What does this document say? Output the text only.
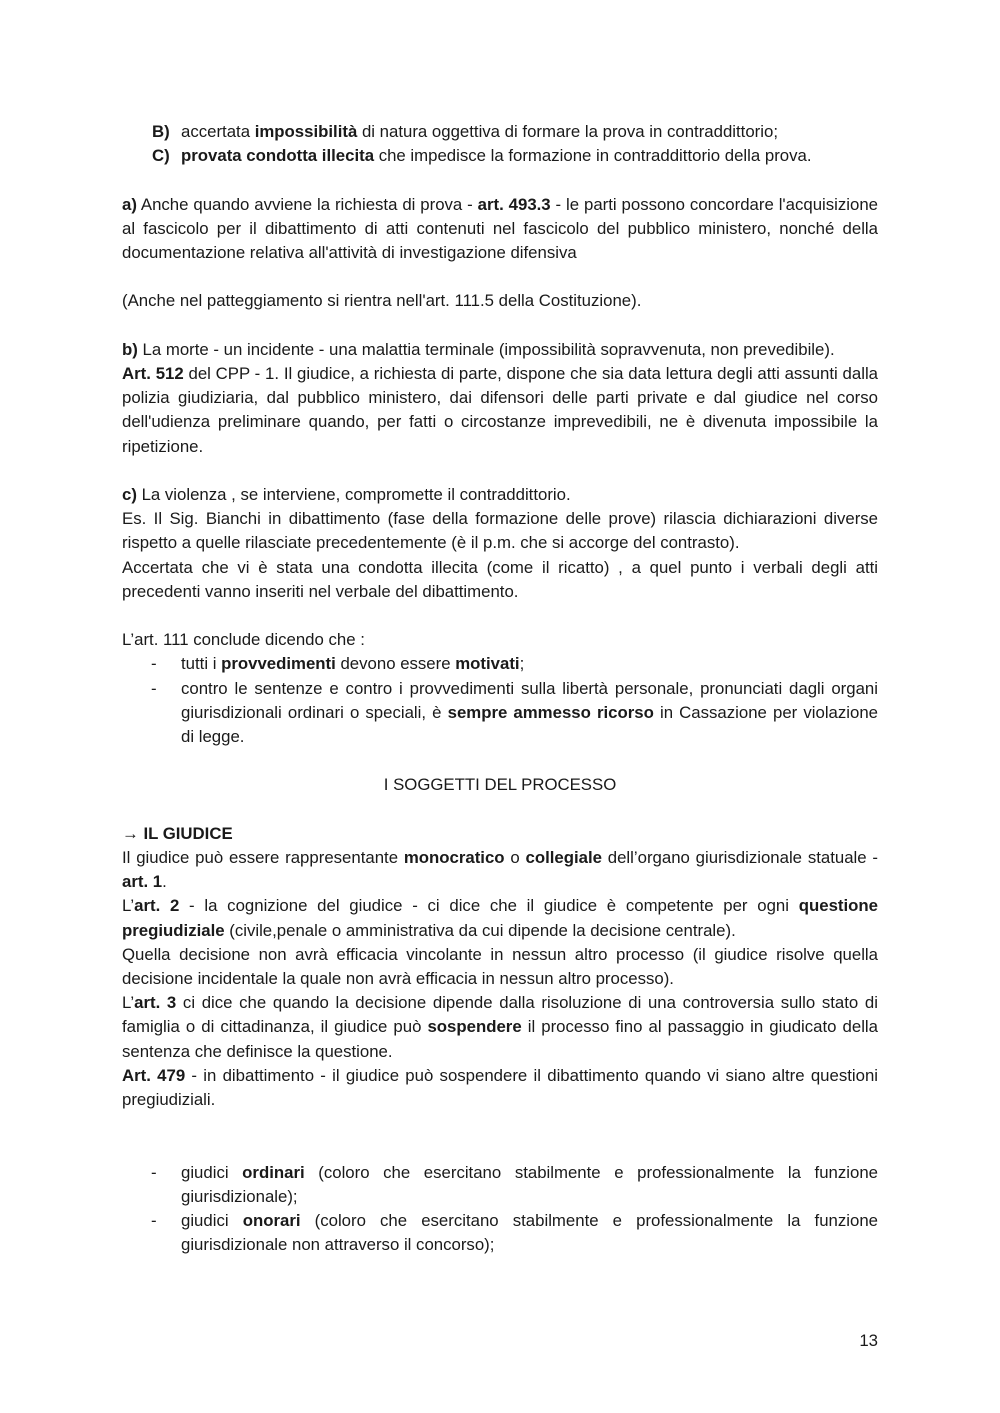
B) accertata impossibilità di natura oggettiva di formare la prova in contraddittorio;
C) provata condotta illecita che impedisce la formazione in contraddittorio della prova.

a) Anche quando avviene la richiesta di prova - art. 493.3 - le parti possono concordare l'acquisizione al fascicolo per il dibattimento di atti contenuti nel fascicolo del pubblico ministero, nonché della documentazione relativa all'attività di investigazione difensiva

(Anche nel patteggiamento si rientra nell'art. 111.5 della Costituzione).

b) La morte - un incidente - una malattia terminale (impossibilità sopravvenuta, non prevedibile).

Art. 512 del CPP - 1. Il giudice, a richiesta di parte, dispone che sia data lettura degli atti assunti dalla polizia giudiziaria, dal pubblico ministero, dai difensori delle parti private e dal giudice nel corso dell'udienza preliminare quando, per fatti o circostanze imprevedibili, ne è divenuta impossibile la ripetizione.

c) La violenza , se interviene, compromette il contraddittorio.

Es. Il Sig. Bianchi in dibattimento (fase della formazione delle prove) rilascia dichiarazioni diverse rispetto a quelle rilasciate precedentemente (è il p.m. che si accorge del contrasto).

Accertata che vi è stata una condotta illecita (come il ricatto) , a quel punto i verbali degli atti precedenti vanno inseriti nel verbale del dibattimento.

L’art. 111 conclude dicendo che :

- tutti i provvedimenti devono essere motivati;
- contro le sentenze e contro i provvedimenti sulla libertà personale, pronunciati dagli organi giurisdizionali ordinari o speciali, è sempre ammesso ricorso in Cassazione per violazione di legge.

I SOGGETTI DEL PROCESSO

→ IL GIUDICE

Il giudice può essere rappresentante monocratico o collegiale dell’organo giurisdizionale statuale - art. 1.

L’art. 2 - la cognizione del giudice - ci dice che il giudice è competente per ogni questione pregiudiziale (civile,penale o amministrativa da cui dipende la decisione centrale).

Quella decisione non avrà efficacia vincolante in nessun altro processo (il giudice risolve quella decisione incidentale la quale non avrà efficacia in nessun altro processo).

L’art. 3 ci dice che quando la decisione dipende dalla risoluzione di una controversia sullo stato di famiglia o di cittadinanza, il giudice può sospendere il processo fino al passaggio in giudicato della sentenza che definisce la questione.

Art. 479 - in dibattimento - il giudice può sospendere il dibattimento quando vi siano altre questioni pregiudiziali.

- giudici ordinari (coloro che esercitano stabilmente e professionalmente la funzione giurisdizionale);
- giudici onorari (coloro che esercitano stabilmente e professionalmente la funzione giurisdizionale non attraverso il concorso);
13
